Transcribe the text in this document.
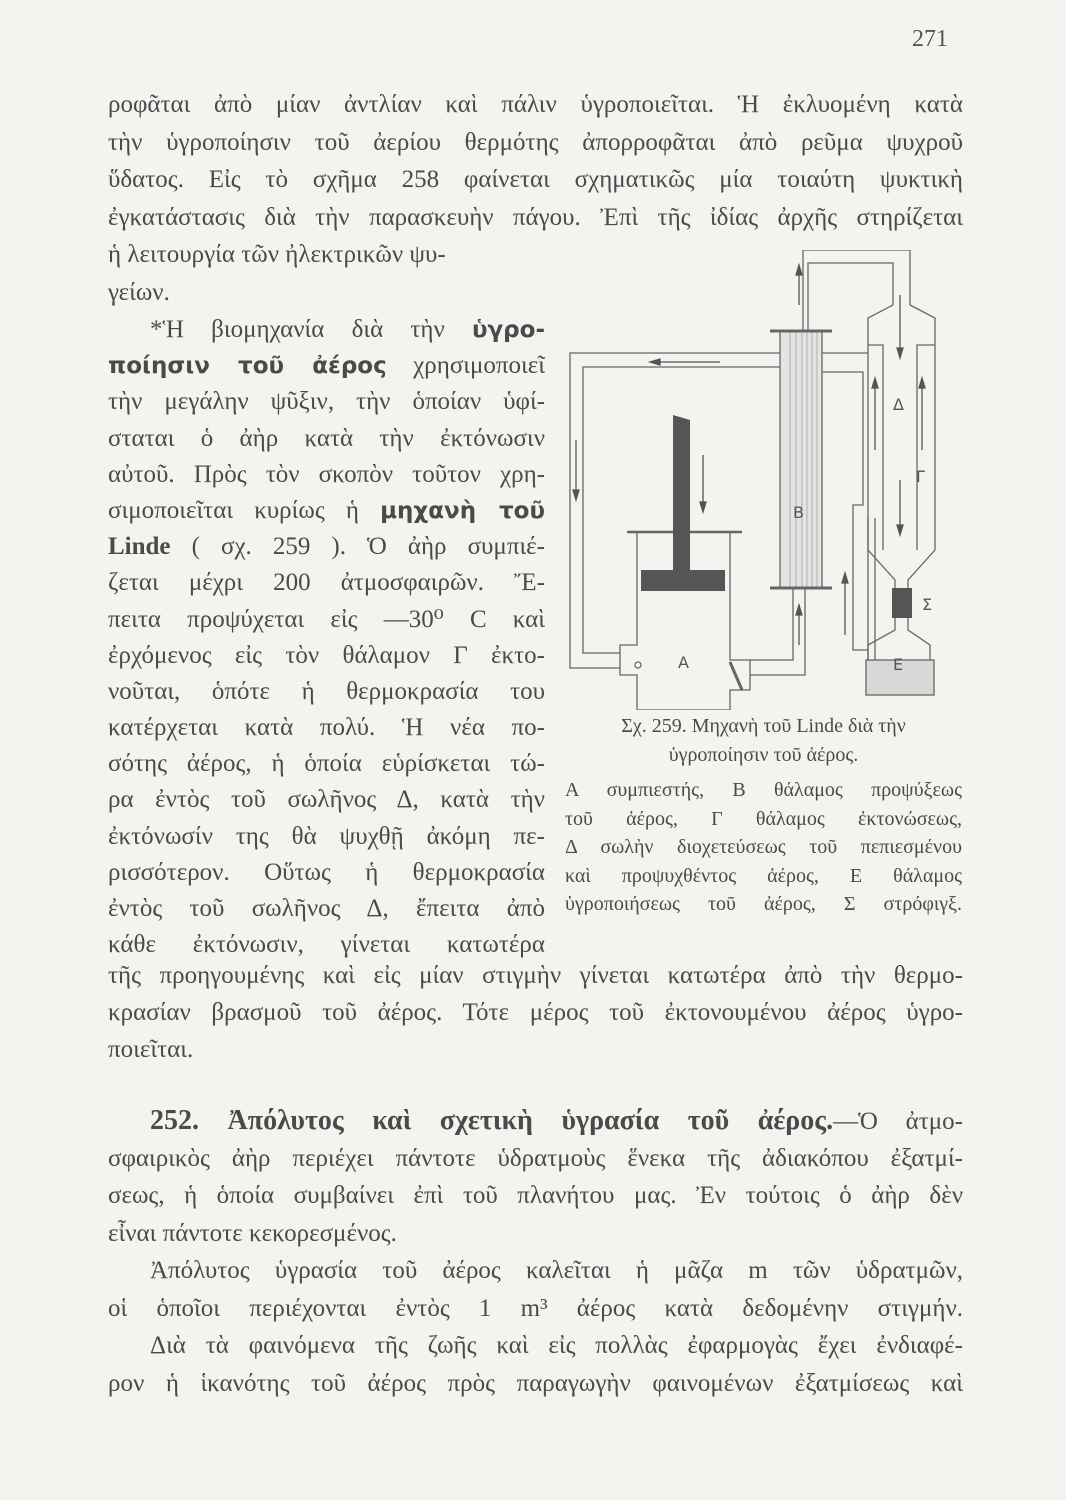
271
ροφᾶται ἀπὸ μίαν ἀντλίαν καὶ πάλιν ὑγροποιεῖται. Ἡ ἐκλυομένη κατὰ
τὴν ὑγροποίησιν τοῦ ἀερίου θερμότης ἀπορροφᾶται ἀπὸ ρεῦμα ψυχροῦ
ὕδατος. Εἰς τὸ σχῆμα 258 φαίνεται σχηματικῶς μία τοιαύτη ψυκτικὴ
ἐγκατάστασις διὰ τὴν παρασκευὴν πάγου. Ἐπὶ τῆς ἰδίας ἀρχῆς στηρίζεται
ἡ λειτουργία τῶν ἠλεκτρικῶν ψυ-
γείων.
*Ἡ βιομηχανία διὰ τὴν ὑγρο-
ποίησιν τοῦ ἀέρος χρησιμοποιεῖ
τὴν μεγάλην ψῦξιν, τὴν ὁποίαν ὑφί-
σταται ὁ ἀὴρ κατὰ τὴν ἐκτόνωσιν
αὐτοῦ. Πρὸς τὸν σκοπὸν τοῦτον χρη-
σιμοποιεῖται κυρίως ἡ μηχανὴ τοῦ
Linde ( σχ. 259 ). Ὁ ἀὴρ συμπιέ-
ζεται μέχρι 200 ἀτμοσφαιρῶν. Ἔ-
πειτα προψύχεται εἰς —30⁰ C καὶ
ἐρχόμενος εἰς τὸν θάλαμον Γ ἐκτο-
νοῦται, ὁπότε ἡ θερμοκρασία του
κατέρχεται κατὰ πολύ. Ἡ νέα πο-
σότης ἀέρος, ἡ ὁποία εὑρίσκεται τώ-
ρα ἐντὸς τοῦ σωλῆνος Δ, κατὰ τὴν
ἐκτόνωσίν της θὰ ψυχθῇ ἀκόμη πε-
ρισσότερον. Οὕτως ἡ θερμοκρασία
ἐντὸς τοῦ σωλῆνος Δ, ἔπειτα ἀπὸ
κάθε ἐκτόνωσιν, γίνεται κατωτέρα
τῆς προηγουμένης καὶ εἰς μίαν στιγμὴν γίνεται κατωτέρα ἀπὸ τὴν θερμο-
κρασίαν βρασμοῦ τοῦ ἀέρος. Τότε μέρος τοῦ ἐκτονουμένου ἀέρος ὑγρο-
ποιεῖται.
252. Ἀπόλυτος καὶ σχετικὴ ὑγρασία τοῦ ἀέρος.—Ὁ ἀτμο-
σφαιρικὸς ἀὴρ περιέχει πάντοτε ὑδρατμοὺς ἕνεκα τῆς ἀδιακόπου ἐξατμί-
σεως, ἡ ὁποία συμβαίνει ἐπὶ τοῦ πλανήτου μας. Ἐν τούτοις ὁ ἀὴρ δὲν
εἶναι πάντοτε κεκορεσμένος.
Ἀπόλυτος ὑγρασία τοῦ ἀέρος καλεῖται ἡ μᾶζα m τῶν ὑδρατμῶν,
οἱ ὁποῖοι περιέχονται ἐντὸς 1 m³ ἀέρος κατὰ δεδομένην στιγμήν.
Διὰ τὰ φαινόμενα τῆς ζωῆς καὶ εἰς πολλὰς ἐφαρμογὰς ἔχει ἐνδιαφέ-
ρον ἡ ἱκανότης τοῦ ἀέρος πρὸς παραγωγὴν φαινομένων ἐξατμίσεως καὶ
Σχ. 259. Μηχανὴ τοῦ Linde διὰ τὴν
ὑγροποίησιν τοῦ ἀέρος.
Α συμπιεστής, Β θάλαμος προψύξεως
τοῦ ἀέρος, Γ θάλαμος ἐκτονώσεως,
Δ σωλὴν διοχετεύσεως τοῦ πεπιεσμένου
καὶ προψυχθέντος ἀέρος, Ε θάλαμος
ὑγροποιήσεως τοῦ ἀέρος, Σ στρόφιγξ.
Δ
Γ
B
A
Σ
E
